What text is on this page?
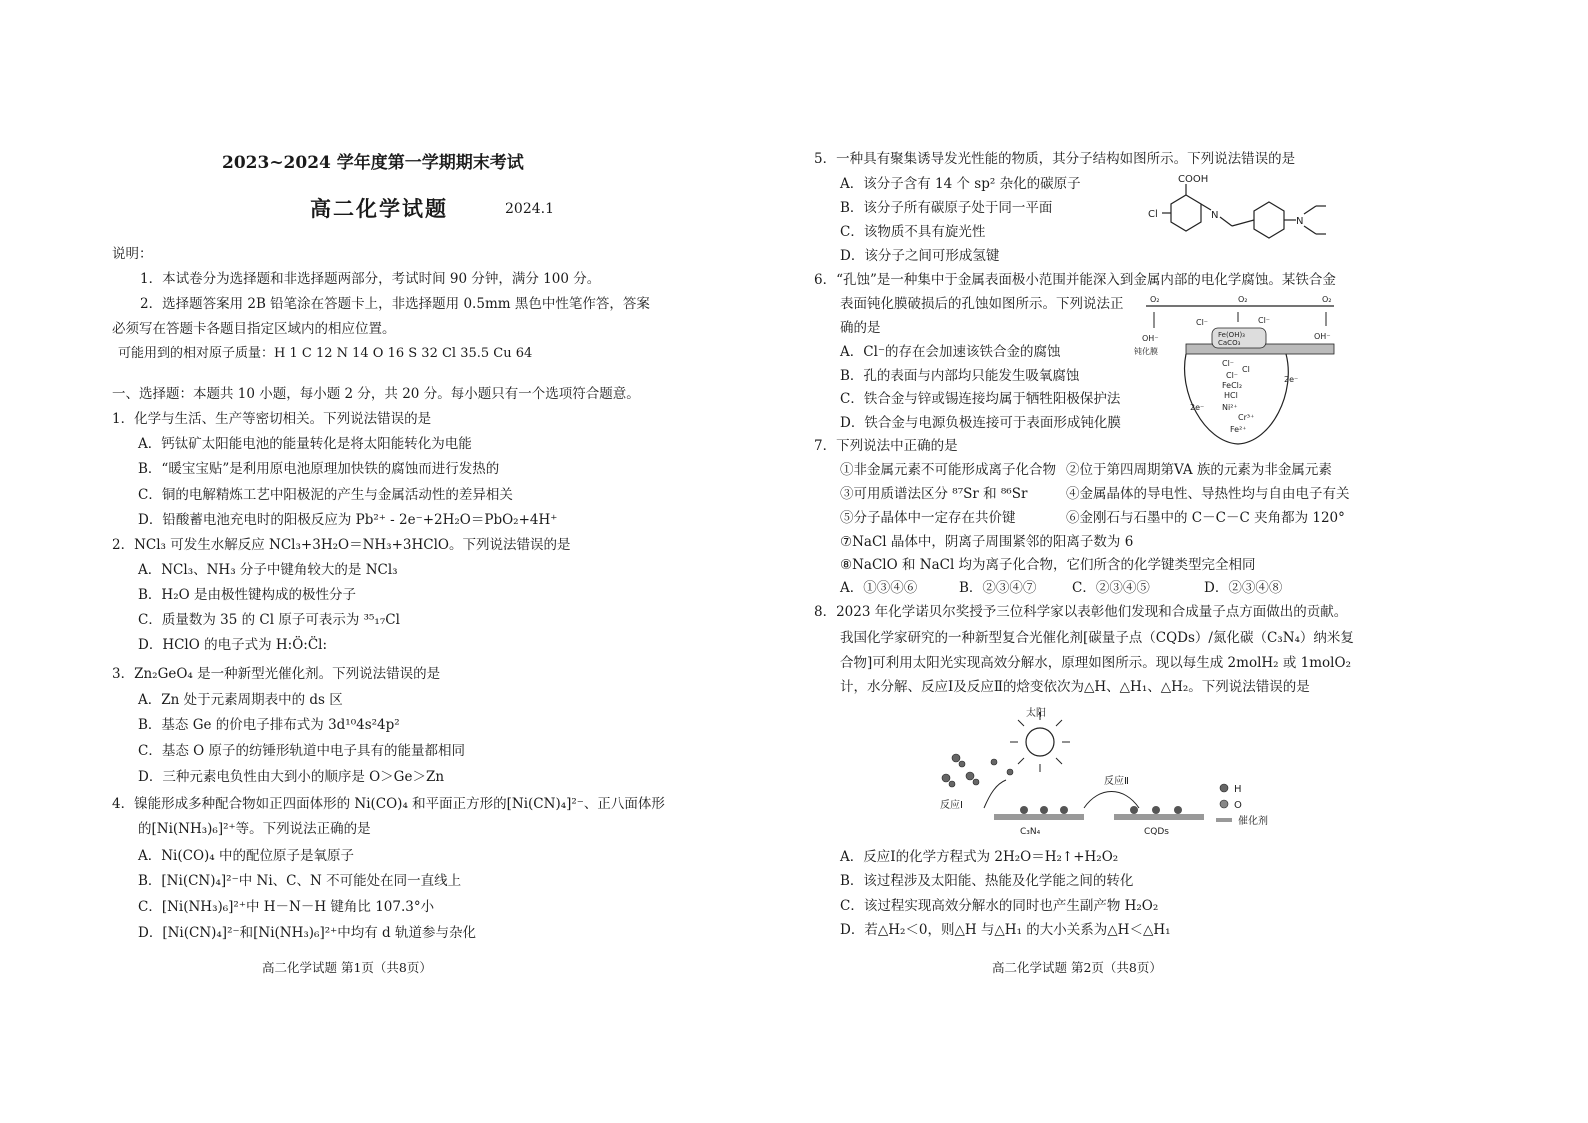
2023~2024 学年度第一学期期末考试
高二化学试题	2024.1
说明：
1．本试卷分为选择题和非选择题两部分，考试时间 90 分钟，满分 100 分。
2．选择题答案用 2B 铅笔涂在答题卡上，非选择题用 0.5mm 黑色中性笔作答，答案
必须写在答题卡各题目指定区域内的相应位置。
可能用到的相对原子质量：H 1 C 12 N 14 O 16 S 32 Cl 35.5 Cu 64
一、选择题：本题共 10 小题，每小题 2 分，共 20 分。每小题只有一个选项符合题意。
1．化学与生活、生产等密切相关。下列说法错误的是
A．钙钛矿太阳能电池的能量转化是将太阳能转化为电能
B．“暖宝宝贴”是利用原电池原理加快铁的腐蚀而进行发热的
C．铜的电解精炼工艺中阳极泥的产生与金属活动性的差异相关
D．铅酸蓄电池充电时的阳极反应为 Pb²⁺ - 2e⁻+2H₂O＝PbO₂+4H⁺
2．NCl₃ 可发生水解反应 NCl₃+3H₂O＝NH₃+3HClO。下列说法错误的是
A．NCl₃、NH₃ 分子中键角较大的是 NCl₃
B．H₂O 是由极性键构成的极性分子
C．质量数为 35 的 Cl 原子可表示为 ³⁵₁₇Cl
D．HClO 的电子式为 H:Ö:C̈l:
3．Zn₂GeO₄ 是一种新型光催化剂。下列说法错误的是
A．Zn 处于元素周期表中的 ds 区
B．基态 Ge 的价电子排布式为 3d¹⁰4s²4p²
C．基态 O 原子的纺锤形轨道中电子具有的能量都相同
D．三种元素电负性由大到小的顺序是 O＞Ge＞Zn
4．镍能形成多种配合物如正四面体形的 Ni(CO)₄ 和平面正方形的[Ni(CN)₄]²⁻、正八面体形
的[Ni(NH₃)₆]²⁺等。下列说法正确的是
A．Ni(CO)₄ 中的配位原子是氧原子
B．[Ni(CN)₄]²⁻中 Ni、C、N 不可能处在同一直线上
C．[Ni(NH₃)₆]²⁺中 H－N－H 键角比 107.3°小
D．[Ni(CN)₄]²⁻和[Ni(NH₃)₆]²⁺中均有 d 轨道参与杂化
高二化学试题 第1页（共8页）
5．一种具有聚集诱导发光性能的物质，其分子结构如图所示。下列说法错误的是
A．该分子含有 14 个 sp² 杂化的碳原子
B．该分子所有碳原子处于同一平面
C．该物质不具有旋光性
D．该分子之间可形成氢键
COOH
Cl	N
N
6．“孔蚀”是一种集中于金属表面极小范围并能深入到金属内部的电化学腐蚀。某铁合金
表面钝化膜破损后的孔蚀如图所示。下列说法正
确的是
A．Cl⁻的存在会加速该铁合金的腐蚀
B．孔的表面与内部均只能发生吸氧腐蚀
C．铁合金与锌或锡连接均属于牺牲阳极保护法
D．铁合金与电源负极连接可于表面形成钝化膜
O₂	O₂	O₂
OH⁻	OH⁻
钝化膜
Fe(OH)₃
CaCO₃
Cl⁻	Cl⁻
Cl⁻
Cl
Cl⁻
FeCl₂
HCl
Ni²⁺
Cr³⁺
Fe²⁺
2e⁻
2e⁻
7．下列说法中正确的是
①非金属元素不可能形成离子化合物 ②位于第四周期第VA 族的元素为非金属元素
③可用质谱法区分 ⁸⁷Sr 和 ⁸⁶Sr	④金属晶体的导电性、导热性均与自由电子有关
⑤分子晶体中一定存在共价键	⑥金刚石与石墨中的 C－C－C 夹角都为 120°
⑦NaCl 晶体中，阴离子周围紧邻的阳离子数为 6
⑧NaClO 和 NaCl 均为离子化合物，它们所含的化学键类型完全相同
A．①③④⑥	B．②③④⑦	C．②③④⑤	D．②③④⑧
8．2023 年化学诺贝尔奖授予三位科学家以表彰他们发现和合成量子点方面做出的贡献。
我国化学家研究的一种新型复合光催化剂[碳量子点（CQDs）/氮化碳（C₃N₄）纳米复
合物]可利用太阳光实现高效分解水，原理如图所示。现以每生成 2molH₂ 或 1molO₂
计，水分解、反应Ⅰ及反应Ⅱ的焓变依次为△H、△H₁、△H₂。下列说法错误的是
太阳
反应Ⅰ
反应Ⅱ
C₃N₄	CQDs
H
O
催化剂
A．反应Ⅰ的化学方程式为 2H₂O＝H₂↑+H₂O₂
B．该过程涉及太阳能、热能及化学能之间的转化
C．该过程实现高效分解水的同时也产生副产物 H₂O₂
D．若△H₂＜0，则△H 与△H₁ 的大小关系为△H＜△H₁
高二化学试题 第2页（共8页）
